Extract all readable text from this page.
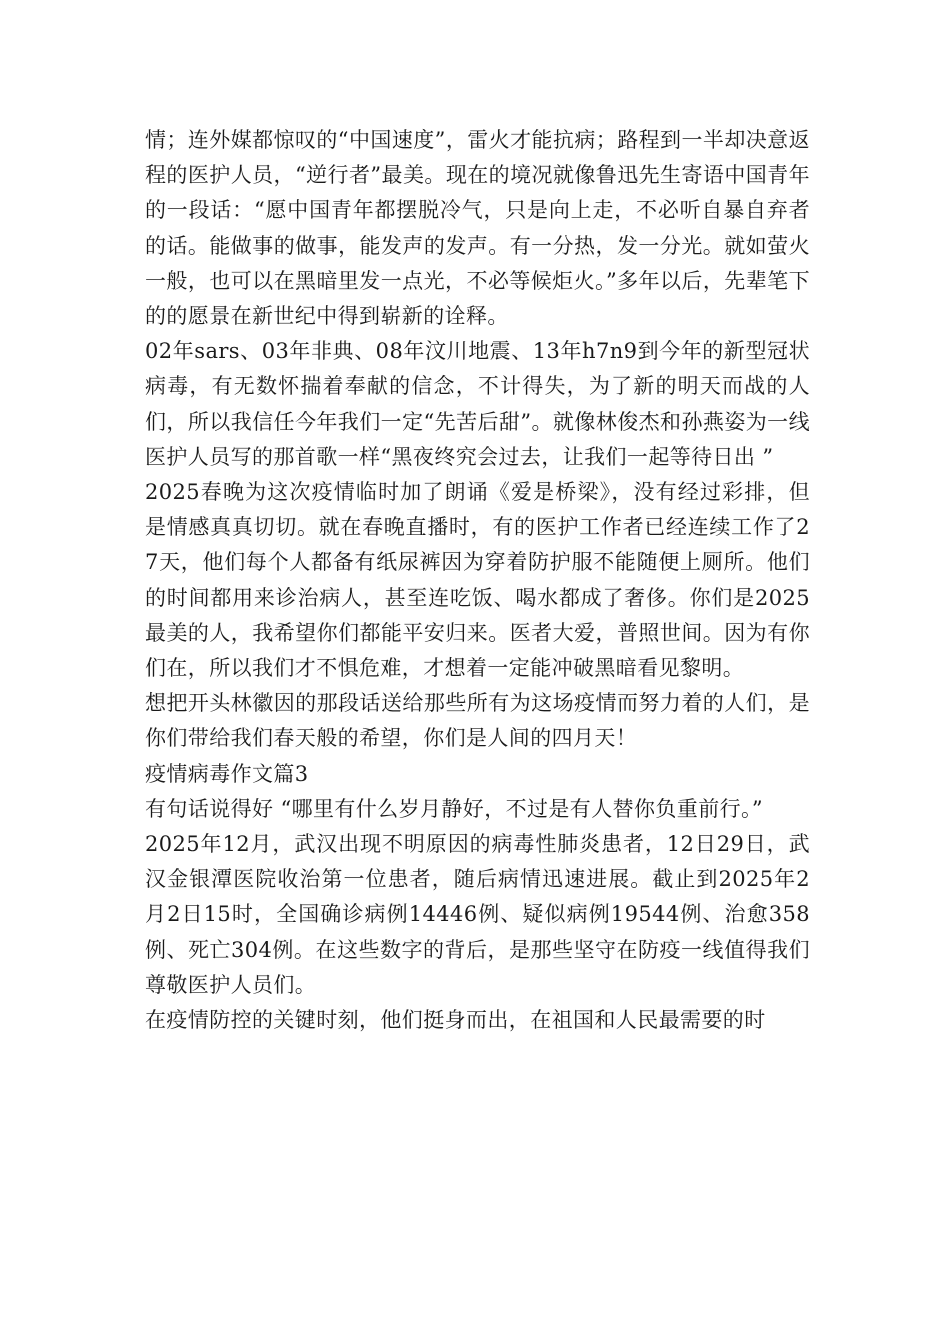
情；连外媒都惊叹的“中国速度”，雷火才能抗病；路程到一半却决意返程的医护人员，“逆行者”最美。现在的境况就像鲁迅先生寄语中国青年的一段话：“愿中国青年都摆脱冷气，只是向上走，不必听自暴自弃者的话。能做事的做事，能发声的发声。有一分热，发一分光。就如萤火一般，也可以在黑暗里发一点光，不必等候炬火。”多年以后，先辈笔下的的愿景在新世纪中得到崭新的诠释。

02年sars、03年非典、08年汶川地震、13年h7n9到今年的新型冠状病毒，有无数怀揣着奉献的信念，不计得失，为了新的明天而战的人们，所以我信任今年我们一定“先苦后甜”。就像林俊杰和孙燕姿为一线医护人员写的那首歌一样“黑夜终究会过去，让我们一起等待日出 ”

2025春晚为这次疫情临时加了朗诵《爱是桥梁》，没有经过彩排，但是情感真真切切。就在春晚直播时，有的医护工作者已经连续工作了27天，他们每个人都备有纸尿裤因为穿着防护服不能随便上厕所。他们的时间都用来诊治病人，甚至连吃饭、喝水都成了奢侈。你们是2025最美的人，我希望你们都能平安归来。医者大爱，普照世间。因为有你们在，所以我们才不惧危难，才想着一定能冲破黑暗看见黎明。

想把开头林徽因的那段话送给那些所有为这场疫情而努力着的人们，是你们带给我们春天般的希望，你们是人间的四月天！

疫情病毒作文篇3

有句话说得好 “哪里有什么岁月静好，不过是有人替你负重前行。”

2025年12月，武汉出现不明原因的病毒性肺炎患者，12日29日，武汉金银潭医院收治第一位患者，随后病情迅速进展。截止到2025年2月2日15时，全国确诊病例14446例、疑似病例19544例、治愈358例、死亡304例。在这些数字的背后，是那些坚守在防疫一线值得我们尊敬医护人员们。

在疫情防控的关键时刻，他们挺身而出，在祖国和人民最需要的时
